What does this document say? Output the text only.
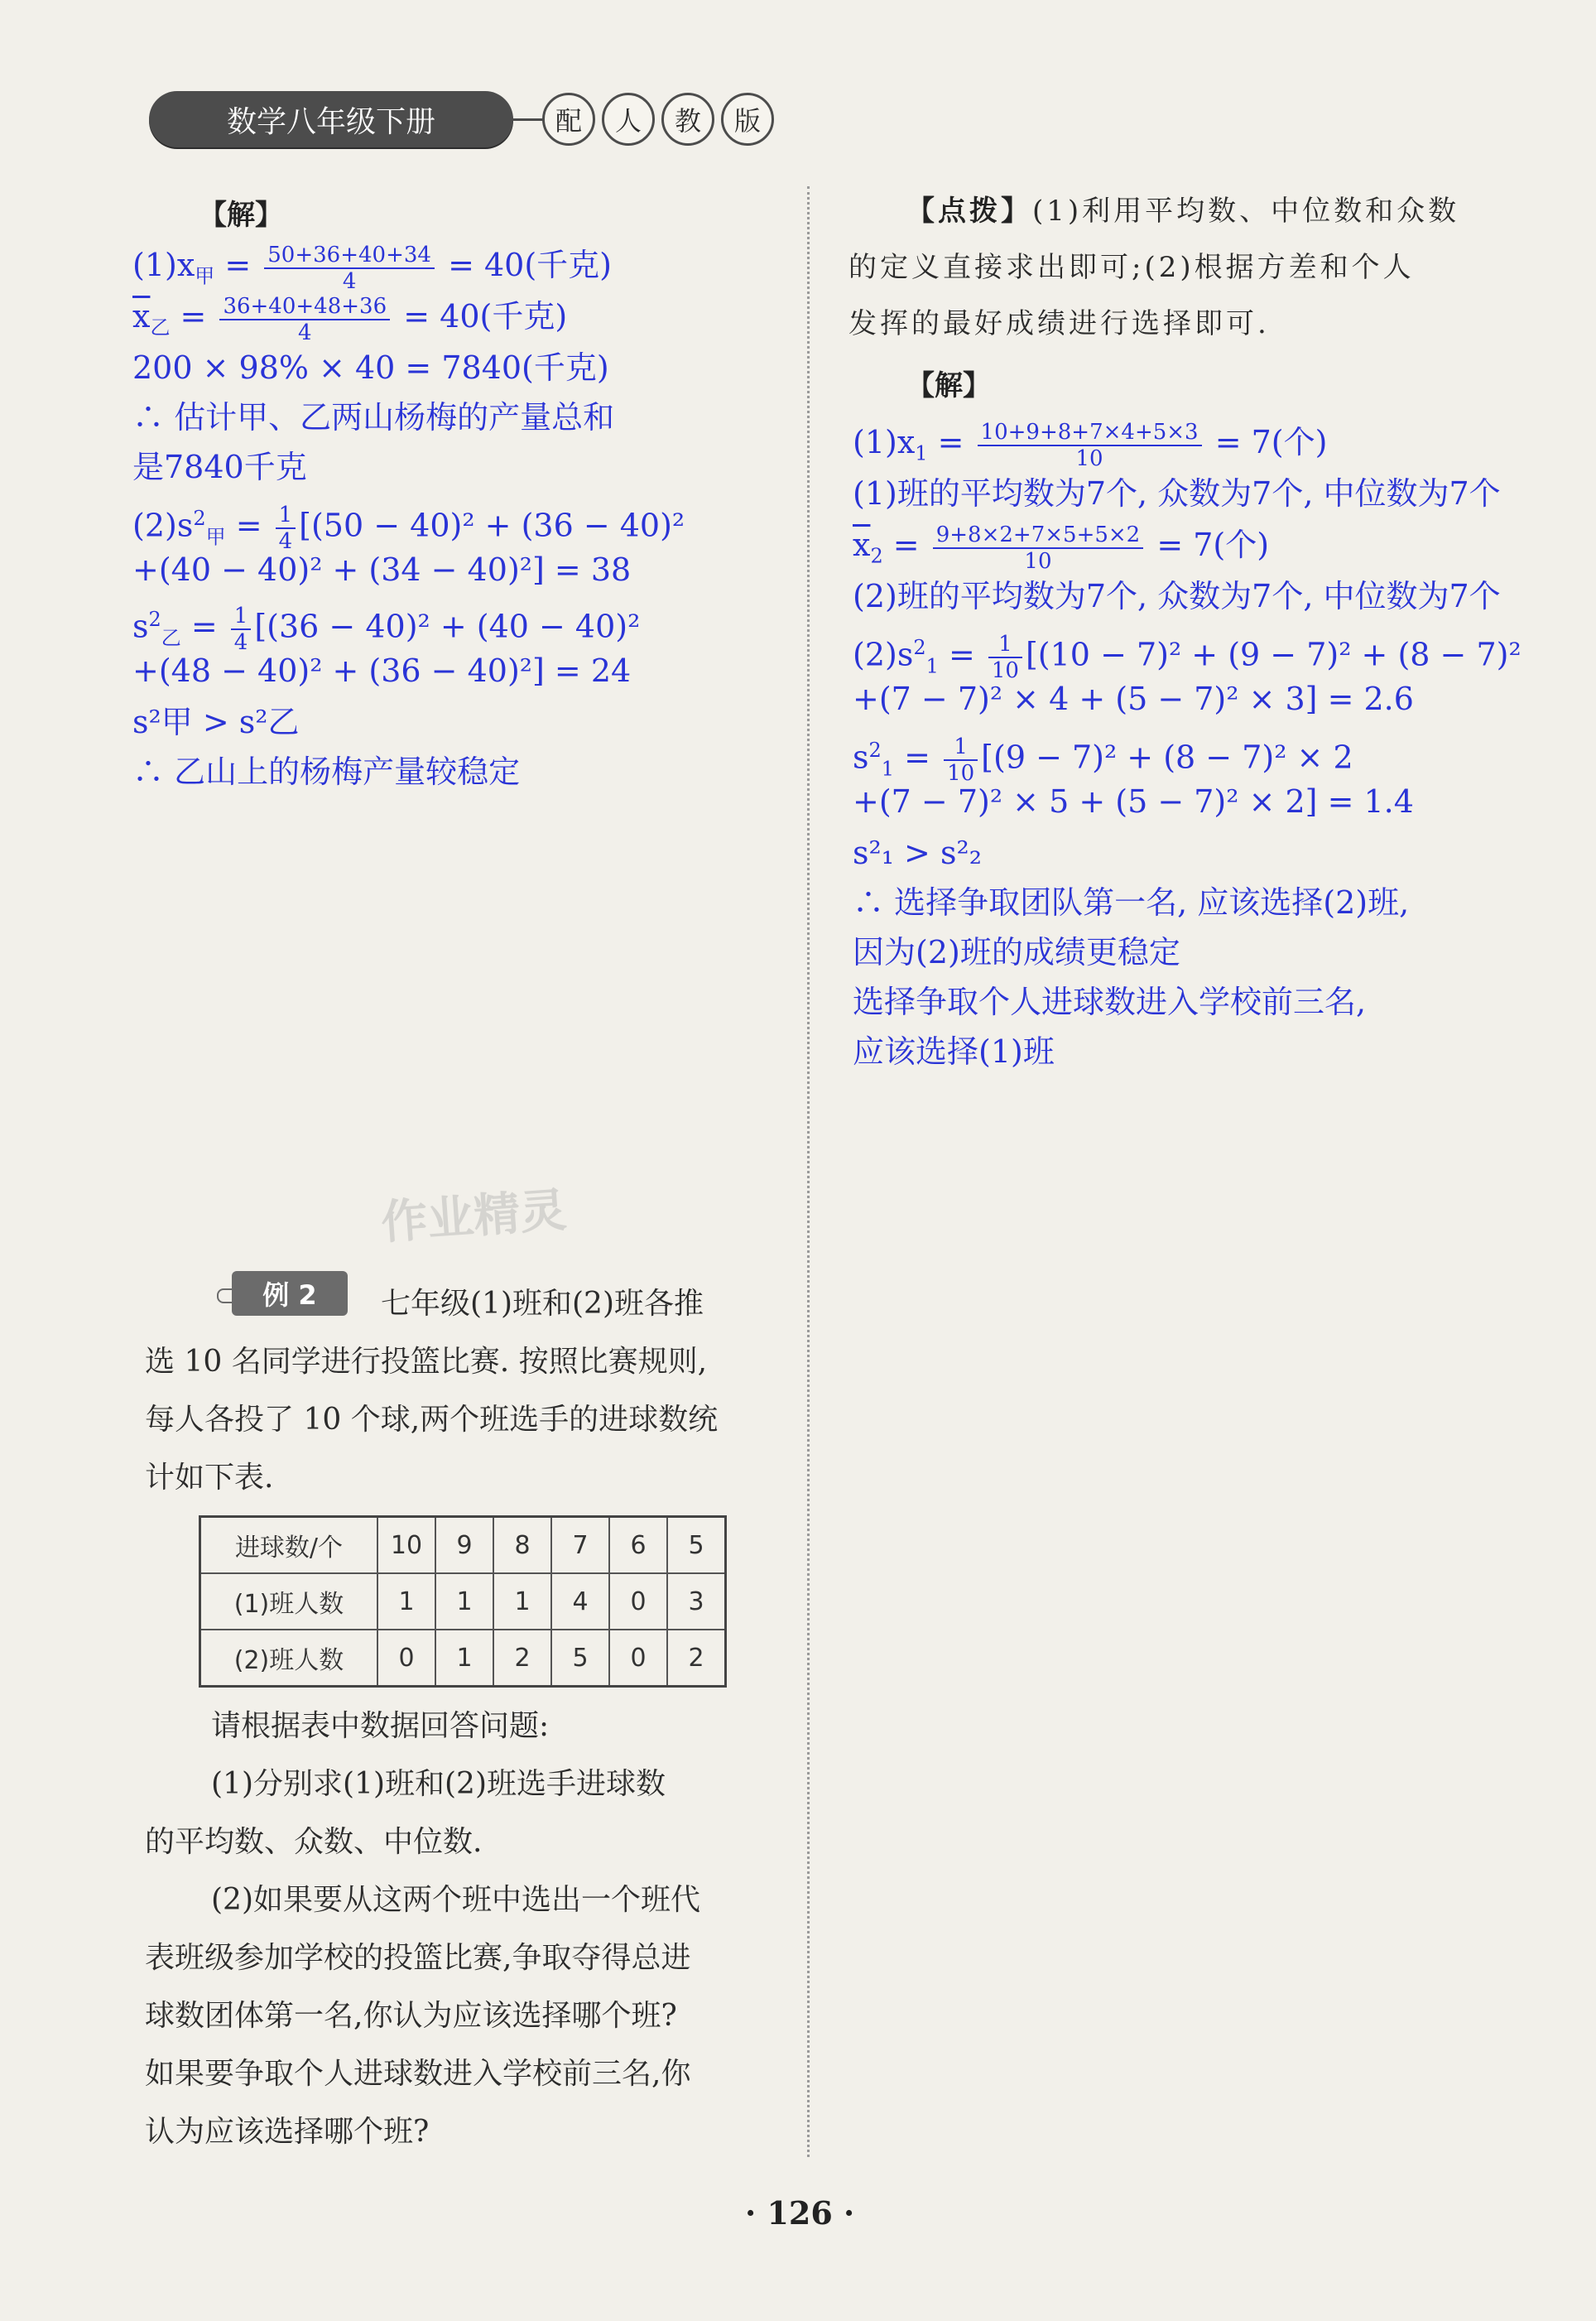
数学八年级下册	配	人	教	版
【解】
$(1)x_甲 = \frac{50+36+40+34}{4} = 40$(千克)
$\overline{x}_乙 = \frac{36+40+48+36}{4} = 40$(千克)
200 × 98% × 40 = 7840(千克)
∴ 估计甲、乙两山杨梅的产量总和
是7840千克
$(2)s^2_甲 = \frac{1}{4} [(50 - 40)^2 + (36 - 40)^2$
+(40 − 40)² + (34 − 40)²] = 38
$s^2_乙 = \frac{1}{4} [(36 - 40)^2 + (40 - 40)^2$
+(48 − 40)² + (36 − 40)²] = 24
s²甲 > s²乙
∴ 乙山上的杨梅产量较稳定
作业精灵
例 2	七年级(1)班和(2)班各推
选 10 名同学进行投篮比赛. 按照比赛规则,
每人各投了 10 个球,两个班选手的进球数统
计如下表.
进球数/个	10	9	8	7	6	5
(1)班人数	1	1	1	4	0	3
(2)班人数	0	1	2	5	0	2
请根据表中数据回答问题:
(1)分别求(1)班和(2)班选手进球数
的平均数、众数、中位数.
(2)如果要从这两个班中选出一个班代
表班级参加学校的投篮比赛,争取夺得总进
球数团体第一名,你认为应该选择哪个班?
如果要争取个人进球数进入学校前三名,你
认为应该选择哪个班?
【点拨】(1)利用平均数、中位数和众数
的定义直接求出即可;(2)根据方差和个人
发挥的最好成绩进行选择即可.
【解】
$(1)x_1 = \frac{10+9+8+7\times 4+5\times 3}{10} = 7$(个)
(1)班的平均数为7个, 众数为7个, 中位数为7个
$\overline{x}_2 = \frac{9+8\times 2+7\times 5+5\times 2}{10} = 7$(个)
(2)班的平均数为7个, 众数为7个, 中位数为7个
$(2)s^2_1 = \frac{1}{10} [(10 - 7)^2 + (9 - 7)^2 + (8 - 7)^2$
+(7 − 7)² × 4 + (5 − 7)² × 3] = 2.6
$s^2_1 = \frac{1}{10} [(9 - 7)^2 + (8 - 7)^2 \times 2$
+(7 − 7)² × 5 + (5 − 7)² × 2] = 1.4
s²₁ > s²₂
∴ 选择争取团队第一名, 应该选择(2)班,
因为(2)班的成绩更稳定
选择争取个人进球数进入学校前三名,
应该选择(1)班
· 126 ·
